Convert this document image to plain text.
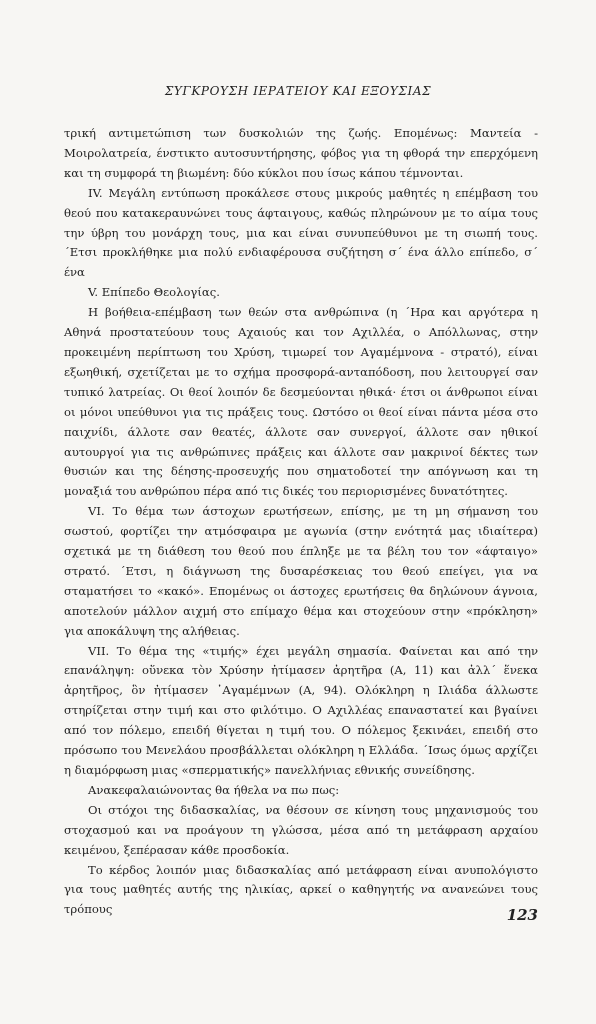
ΣΥΓΚΡΟΥΣΗ ΙΕΡΑΤΕΙΟΥ ΚΑΙ ΕΞΟΥΣΙΑΣ

τρική αντιμετώπιση των δυσκολιών της ζωής. Επομένως: Μαντεία - Μοιρολατρεία, ένστικτο αυτοσυντήρησης, φόβος για τη φθορά την επερχόμενη και τη συμφορά τη βιωμένη: δύο κύκλοι που ίσως κάπου τέμνονται.

IV. Μεγάλη εντύπωση προκάλεσε στους μικρούς μαθητές η επέμβαση του θεού που κατακεραυνώνει τους άφταιγους, καθώς πληρώνουν με το αίμα τους την ύβρη του μονάρχη τους, μια και είναι συνυπεύθυνοι με τη σιωπή τους. ΄Ετσι προκλήθηκε μια πολύ ενδιαφέρουσα συζήτηση σ΄ ένα άλλο επίπεδο, σ΄ ένα

V. Επίπεδο Θεολογίας.

Η βοήθεια-επέμβαση των θεών στα ανθρώπινα (η ΄Ηρα και αργότερα η Αθηνά προστατεύουν τους Αχαιούς και τον Αχιλλέα, ο Απόλλωνας, στην προκειμένη περίπτωση του Χρύση, τιμωρεί τον Αγαμέμνονα - στρατό), είναι εξωηθική, σχετίζεται με το σχήμα προσφορά-ανταπόδοση, που λειτουργεί σαν τυπικό λατρείας. Οι θεοί λοιπόν δε δεσμεύονται ηθικά· έτσι οι άνθρωποι είναι οι μόνοι υπεύθυνοι για τις πράξεις τους. Ωστόσο οι θεοί είναι πάντα μέσα στο παιχνίδι, άλλοτε σαν θεατές, άλλοτε σαν συνεργοί, άλλοτε σαν ηθικοί αυτουργοί για τις ανθρώπινες πράξεις και άλλοτε σαν μακρινοί δέκτες των θυσιών και της δέησης-προσευχής που σηματοδοτεί την απόγνωση και τη μοναξιά του ανθρώπου πέρα από τις δικές του περιορισμένες δυνατότητες.

VI. Το θέμα των άστοχων ερωτήσεων, επίσης, με τη μη σήμανση του σωστού, φορτίζει την ατμόσφαιρα με αγωνία (στην ενότητά μας ιδιαίτερα) σχετικά με τη διάθεση του θεού που έπληξε με τα βέλη του τον «άφταιγο» στρατό. ΄Ετσι, η διάγνωση της δυσαρέσκειας του θεού επείγει, για να σταματήσει το «κακό». Επομένως οι άστοχες ερωτήσεις θα δηλώνουν άγνοια, αποτελούν μάλλον αιχμή στο επίμαχο θέμα και στοχεύουν στην «πρόκληση» για αποκάλυψη της αλήθειας.

VII. Το θέμα της «τιμής» έχει μεγάλη σημασία. Φαίνεται και από την επανάληψη: οὕνεκα τὸν Χρύσην ἠτίμασεν ἀρητῆρα (Α, 11) και ἀλλ΄ ἕνεκα ἀρητῆρος, ὃν ἠτίμασεν ᾿Αγαμέμνων (Α, 94). Ολόκληρη η Ιλιάδα άλλωστε στηρίζεται στην τιμή και στο φιλότιμο. Ο Αχιλλέας επαναστατεί και βγαίνει από τον πόλεμο, επειδή θίγεται η τιμή του. Ο πόλεμος ξεκινάει, επειδή στο πρόσωπο του Μενελάου προσβάλλεται ολόκληρη η Ελλάδα. ΄Ισως όμως αρχίζει η διαμόρφωση μιας «σπερματικής» πανελλήνιας εθνικής συνείδησης.

Ανακεφαλαιώνοντας θα ήθελα να πω πως:

Οι στόχοι της διδασκαλίας, να θέσουν σε κίνηση τους μηχανισμούς του στοχασμού και να προάγουν τη γλώσσα, μέσα από τη μετάφραση αρχαίου κειμένου, ξεπέρασαν κάθε προσδοκία.

Το κέρδος λοιπόν μιας διδασκαλίας από μετάφραση είναι ανυπολόγιστο για τους μαθητές αυτής της ηλικίας, αρκεί ο καθηγητής να ανανεώνει τους τρόπους	123
